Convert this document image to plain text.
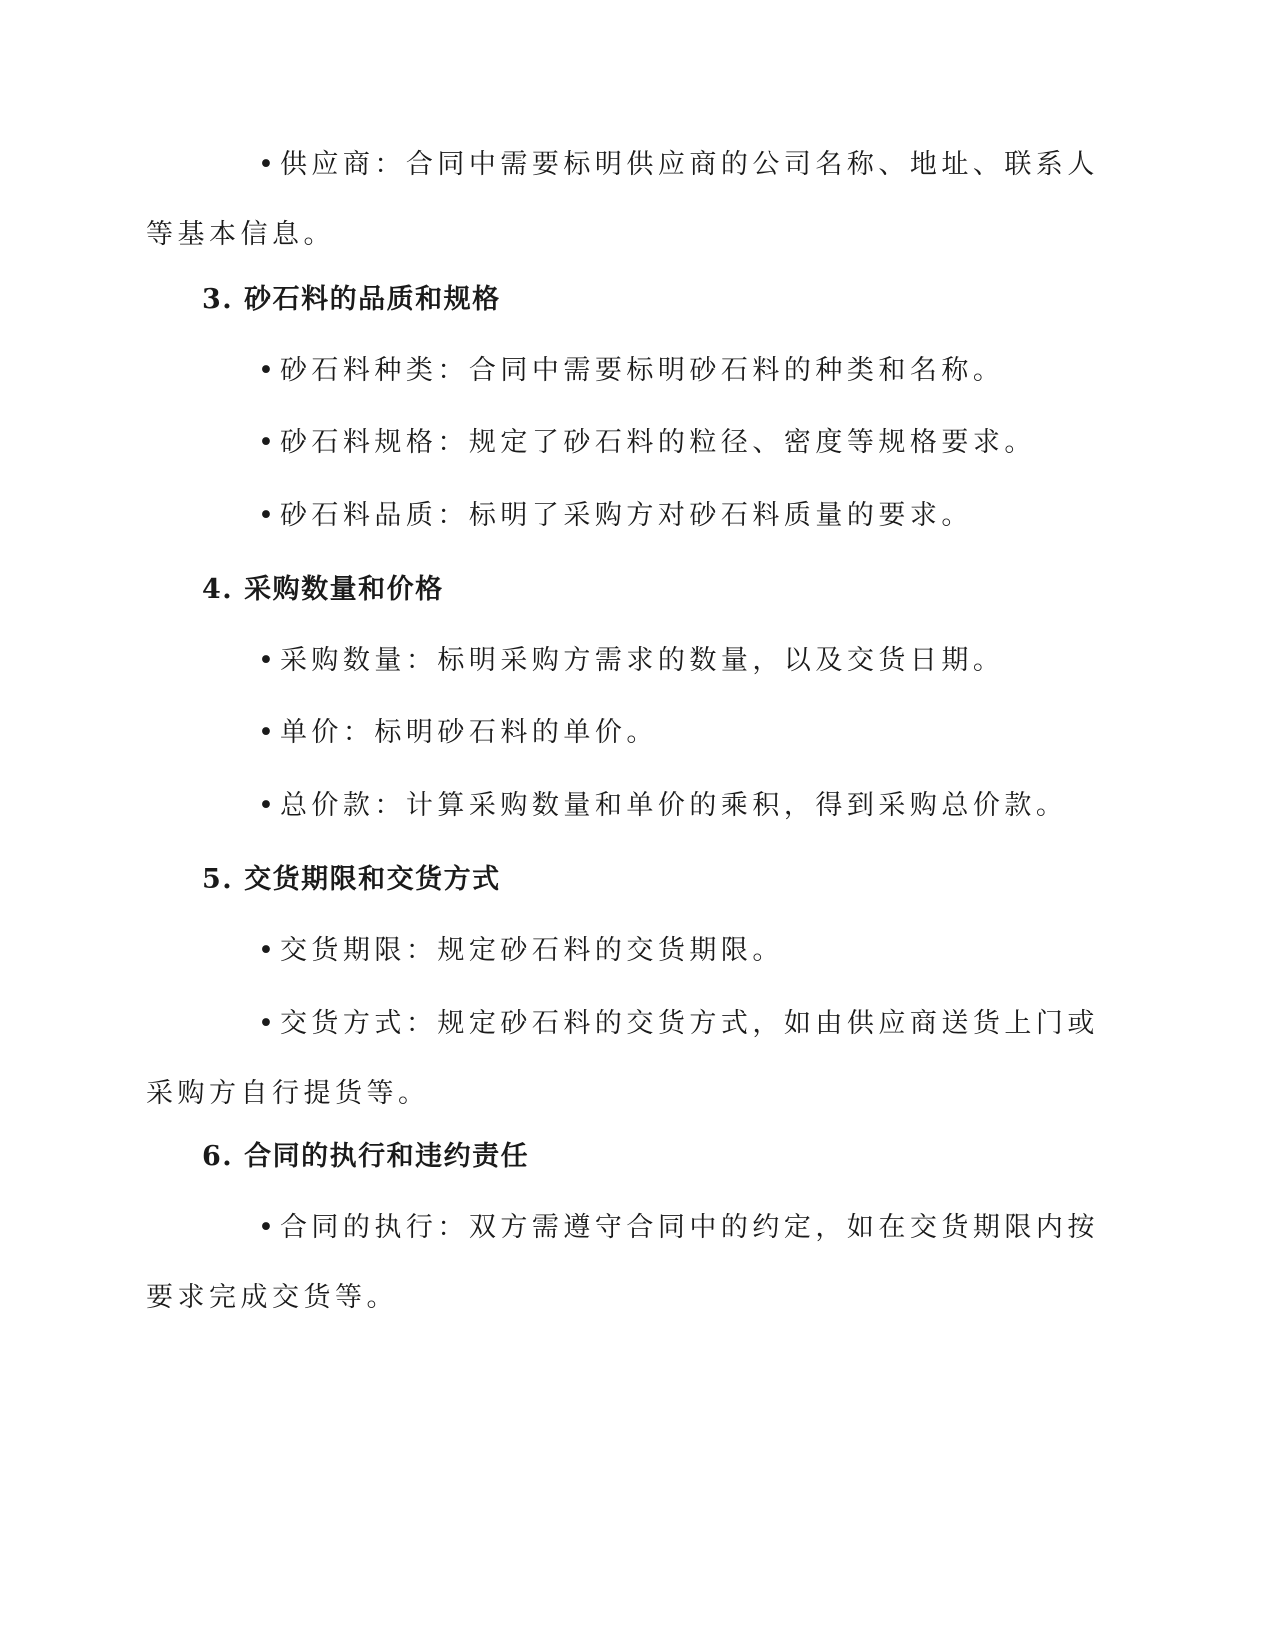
• 供应商：合同中需要标明供应商的公司名称、地址、联系人等基本信息。

3. 砂石料的品质和规格

• 砂石料种类：合同中需要标明砂石料的种类和名称。

• 砂石料规格：规定了砂石料的粒径、密度等规格要求。

• 砂石料品质：标明了采购方对砂石料质量的要求。

4. 采购数量和价格

• 采购数量：标明采购方需求的数量，以及交货日期。

• 单价：标明砂石料的单价。

• 总价款：计算采购数量和单价的乘积，得到采购总价款。

5. 交货期限和交货方式

• 交货期限：规定砂石料的交货期限。

• 交货方式：规定砂石料的交货方式，如由供应商送货上门或采购方自行提货等。

6. 合同的执行和违约责任

• 合同的执行：双方需遵守合同中的约定，如在交货期限内按要求完成交货等。
